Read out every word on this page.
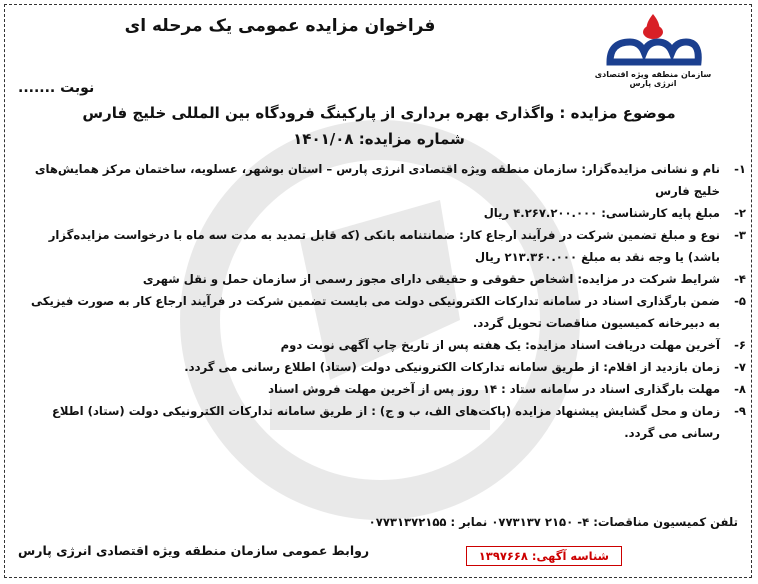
فراخوان مزایده عمومی یک مرحله ای
سازمان منطقه ویژه اقتصادی انرژی پارس
نوبت .......
موضوع مزایده : واگذاری بهره برداری از پارکینگ فرودگاه بین المللی خلیج فارس
شماره مزایده: ۱۴۰۱/۰۸

۱-
نام و نشانی مزایده‌گزار: سازمان منطقه ویژه اقتصادی انرژی پارس – استان بوشهر، عسلویه، ساختمان مرکز همایش‌های خلیج فارس

۲-
مبلغ پایه کارشناسی: ۴.۲۶۷.۲۰۰.۰۰۰ ریال

۳-
نوع و مبلغ تضمین شرکت در فرآیند ارجاع کار: ضمانتنامه بانکی (که قابل تمدید به مدت سه ماه با درخواست مزایده‌گزار باشد) یا وجه نقد به مبلغ ۲۱۳.۳۶۰.۰۰۰ ریال

۴-
شرایط شرکت در مزایده: اشخاص حقوقی و حقیقی دارای مجوز رسمی از سازمان حمل و نقل شهری

۵-
ضمن بارگذاری اسناد در سامانه تدارکات الکترونیکی دولت می بایست تضمین شرکت در فرآیند ارجاع کار به صورت فیزیکی به دبیرخانه کمیسیون مناقصات تحویل گردد.

۶-
آخرین مهلت دریافت اسناد مزایده: یک هفته پس از تاریخ چاپ آگهی نوبت دوم

۷-
زمان بازدید از اقلام: از طریق سامانه تدارکات الکترونیکی دولت (ستاد) اطلاع رسانی می گردد.

۸-
مهلت بارگذاری اسناد در سامانه ستاد : ۱۴ روز پس از آخرین مهلت فروش اسناد

۹-
زمان و محل گشایش پیشنهاد مزایده (پاکت‌های الف، ب و ج) : از طریق سامانه تدارکات الکترونیکی دولت (ستاد) اطلاع رسانی می گردد.

تلفن کمیسیون مناقصات: ۴- ۲۱۵۰ ۰۷۷۳۱۳۷ نمابر : ۰۷۷۳۱۳۷۲۱۵۵
روابط عمومی سازمان منطقه ویژه اقتصادی انرژی پارس	شناسه آگهی: ۱۳۹۷۶۶۸
